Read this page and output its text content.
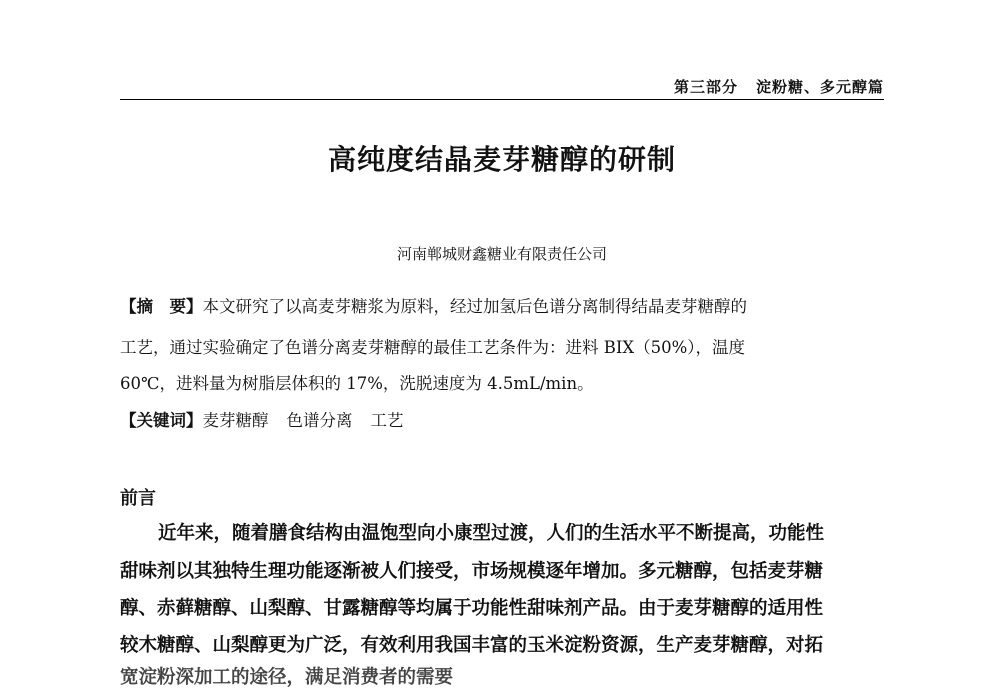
第三部分 淀粉糖、多元醇篇
高纯度结晶麦芽糖醇的研制
河南郸城财鑫糖业有限责任公司
【摘　要】本文研究了以高麦芽糖浆为原料，经过加氢后色谱分离制得结晶麦芽糖醇的
工艺，通过实验确定了色谱分离麦芽糖醇的最佳工艺条件为：进料 BIX（50%），温度
60℃，进料量为树脂层体积的 17%，洗脱速度为 4.5mL/min。
【关键词】麦芽糖醇 色谱分离 工艺
前言
近年来，随着膳食结构由温饱型向小康型过渡，人们的生活水平不断提高，功能性
甜味剂以其独特生理功能逐渐被人们接受，市场规模逐年增加。多元糖醇，包括麦芽糖
醇、赤藓糖醇、山梨醇、甘露糖醇等均属于功能性甜味剂产品。由于麦芽糖醇的适用性
较木糖醇、山梨醇更为广泛，有效利用我国丰富的玉米淀粉资源，生产麦芽糖醇，对拓
宽淀粉深加工的途径，满足消费者的需要
